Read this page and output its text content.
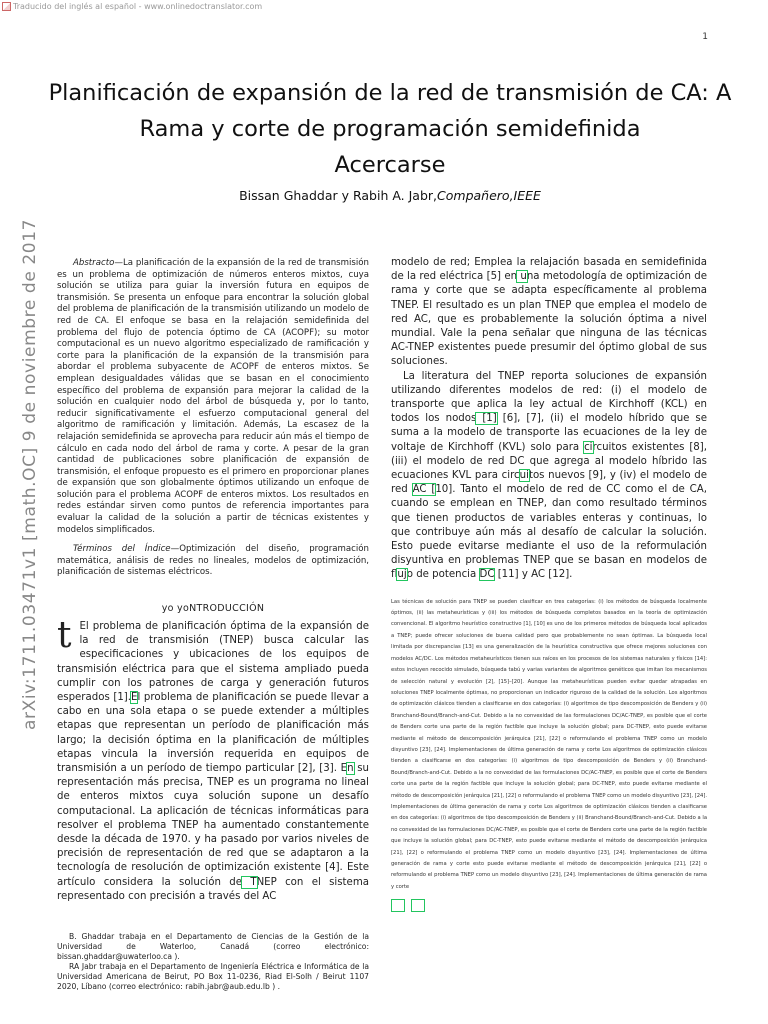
Traducido del inglés al español - www.onlinedoctranslator.com
1
arXiv:1711.03471v1 [math.OC] 9 de noviembre de 2017
Planificación de expansión de la red de transmisión de CA: A
Rama y corte de programación semidefinida
Acercarse
Bissan Ghaddar y Rabih A. Jabr,Compañero,IEEE

Abstracto—La planificación de la expansión de la red de transmisión es un problema de optimización de números enteros mixtos, cuya solución se utiliza para guiar la inversión futura en equipos de transmisión. Se presenta un enfoque para encontrar la solución global del problema de planificación de la transmisión utilizando un modelo de red de CA. El enfoque se basa en la relajación semidefinida del problema del flujo de potencia óptimo de CA (ACOPF); su motor computacional es un nuevo algoritmo especializado de ramificación y corte para la planificación de la expansión de la transmisión para abordar el problema subyacente de ACOPF de enteros mixtos. Se emplean desigualdades válidas que se basan en el conocimiento específico del problema de expansión para mejorar la calidad de la solución en cualquier nodo del árbol de búsqueda y, por lo tanto, reducir significativamente el esfuerzo computacional general del algoritmo de ramificación y limitación. Además, La escasez de la relajación semidefinida se aprovecha para reducir aún más el tiempo de cálculo en cada nodo del árbol de rama y corte. A pesar de la gran cantidad de publicaciones sobre planificación de expansión de transmisión, el enfoque propuesto es el primero en proporcionar planes de expansión que son globalmente óptimos utilizando un enfoque de solución para el problema ACOPF de enteros mixtos. Los resultados en redes estándar sirven como puntos de referencia importantes para evaluar la calidad de la solución a partir de técnicas existentes y modelos simplificados.

Términos del Índice—Optimización del diseño, programación matemática, análisis de redes no lineales, modelos de optimización, planificación de sistemas eléctricos.

yo yoNTRODUCCIÓN

t El problema de planificación óptima de la expansión de la red de transmisión (TNEP) busca calcular las especificaciones y ubicaciones de los equipos de transmisión eléctrica para que el sistema ampliado pueda cumplir con los patrones de carga y generación futuros esperados [1].El problema de planificación se puede llevar a cabo en una sola etapa o se puede extender a múltiples etapas que representan un período de planificación más largo; la decisión óptima en la planificación de múltiples etapas vincula la inversión requerida en equipos de transmisión a un período de tiempo particular [2], [3]. En su representación más precisa, TNEP es un programa no lineal de enteros mixtos cuya solución supone un desafío computacional. La aplicación de técnicas informáticas para resolver el problema TNEP ha aumentado constantemente desde la década de 1970. y ha pasado por varios niveles de precisión de representación de red que se adaptaron a la tecnología de resolución de optimización existente [4]. Este artículo considera la solución de TNEP con el sistema representado con precisión a través del AC

B. Ghaddar trabaja en el Departamento de Ciencias de la Gestión de la Universidad de Waterloo, Canadá (correo electrónico: bissan.ghaddar@uwaterloo.ca ).

RA Jabr trabaja en el Departamento de Ingeniería Eléctrica e Informática de la Universidad Americana de Beirut, PO Box 11-0236, Riad El-Solh / Beirut 1107 2020, Líbano (correo electrónico: rabih.jabr@aub.edu.lb ) .

modelo de red; Emplea la relajación basada en semidefinida de la red eléctrica [5] en una metodología de optimización de rama y corte que se adapta específicamente al problema TNEP. El resultado es un plan TNEP que emplea el modelo de red AC, que es probablemente la solución óptima a nivel mundial. Vale la pena señalar que ninguna de las técnicas AC-TNEP existentes puede presumir del óptimo global de sus soluciones.

La literatura del TNEP reporta soluciones de expansión utilizando diferentes modelos de red: (i) el modelo de transporte que aplica la ley actual de Kirchhoff (KCL) en todos los nodos [1] [6], [7], (ii) el modelo híbrido que se suma a la modelo de transporte las ecuaciones de la ley de voltaje de Kirchhoff (KVL) solo para circuitos existentes [8], (iii) el modelo de red DC que agrega al modelo híbrido las ecuaciones KVL para circuitos nuevos [9], y (iv) el modelo de red AC [10]. Tanto el modelo de red de CC como el de CA, cuando se emplean en TNEP, dan como resultado términos que tienen productos de variables enteras y continuas, lo que contribuye aún más al desafío de calcular la solución. Esto puede evitarse mediante el uso de la reformulación disyuntiva en problemas TNEP que se basan en modelos de flujo de potencia DC [11] y AC [12].

Las técnicas de solución para TNEP se pueden clasificar en tres categorías: (i) los métodos de búsqueda localmente óptimos, (ii) las metaheurísticas y (iii) los métodos de búsqueda completos basados en la teoría de optimización convencional. El algoritmo heurístico constructivo [1], [10] es uno de los primeros métodos de búsqueda local aplicados a TNEP; puede ofrecer soluciones de buena calidad pero que probablemente no sean óptimas. La búsqueda local limitada por discrepancias [13] es una generalización de la heurística constructiva que ofrece mejores soluciones con modelos AC/DC. Los métodos metaheurísticos tienen sus raíces en los procesos de los sistemas naturales y físicos [14]: estos incluyen recocido simulado, búsqueda tabú y varias variantes de algoritmos genéticos que imitan los mecanismos de selección natural y evolución [2], [15]–[20]. Aunque las metaheurísticas pueden evitar quedar atrapadas en soluciones TNEP localmente óptimas, no proporcionan un indicador riguroso de la calidad de la solución. Los algoritmos de optimización clásicos tienden a clasificarse en dos categorías: (i) algoritmos de tipo descomposición de Benders y (ii) Branchand-Bound/Branch-and-Cut. Debido a la no convexidad de las formulaciones DC/AC-TNEP, es posible que el corte de Benders corte una parte de la región factible que incluye la solución global; para DC-TNEP, esto puede evitarse mediante el método de descomposición jerárquica [21], [22] o reformulando el problema TNEP como un modelo disyuntivo [23], [24]. Implementaciones de última generación de rama y corte Los algoritmos de optimización clásicos tienden a clasificarse en dos categorías: (i) algoritmos de tipo descomposición de Benders y (ii) Branchand-Bound/Branch-and-Cut. Debido a la no convexidad de las formulaciones DC/AC-TNEP, es posible que el corte de Benders corte una parte de la región factible que incluye la solución global; para DC-TNEP, esto puede evitarse mediante el método de descomposición jerárquica [21], [22] o reformulando el problema TNEP como un modelo disyuntivo [23], [24]. Implementaciones de última generación de rama y corte Los algoritmos de optimización clásicos tienden a clasificarse en dos categorías: (i) algoritmos de tipo descomposición de Benders y (ii) Branchand-Bound/Branch-and-Cut. Debido a la no convexidad de las formulaciones DC/AC-TNEP, es posible que el corte de Benders corte una parte de la región factible que incluye la solución global; para DC-TNEP, esto puede evitarse mediante el método de descomposición jerárquica [21], [22] o reformulando el problema TNEP como un modelo disyuntivo [23], [24]. Implementaciones de última generación de rama y corte esto puede evitarse mediante el método de descomposición jerárquica [21], [22] o reformulando el problema TNEP como un modelo disyuntivo [23], [24]. Implementaciones de última generación de rama y corte
